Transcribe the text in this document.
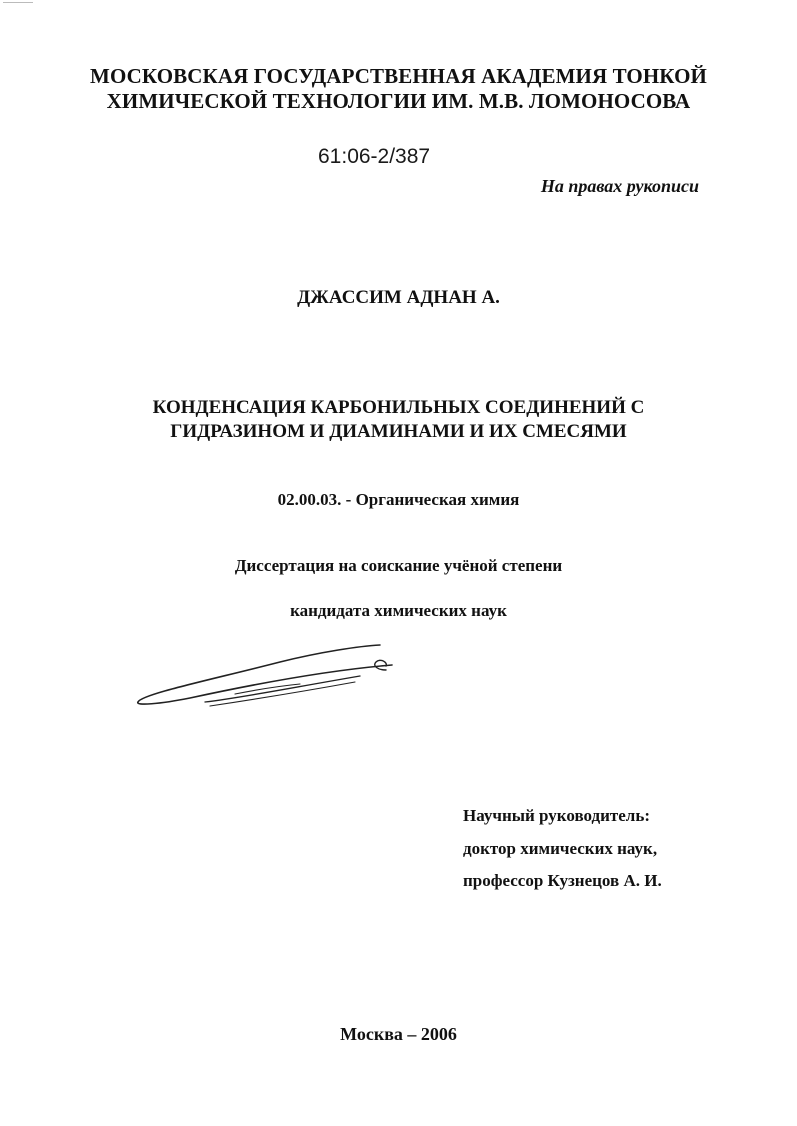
МОСКОВСКАЯ ГОСУДАРСТВЕННАЯ АКАДЕМИЯ ТОНКОЙ
ХИМИЧЕСКОЙ ТЕХНОЛОГИИ ИМ. М.В. ЛОМОНОСОВА
61:06-2/387
На правах рукописи
ДЖАССИМ АДНАН А.
КОНДЕНСАЦИЯ КАРБОНИЛЬНЫХ СОЕДИНЕНИЙ С
ГИДРАЗИНОМ И ДИАМИНАМИ И ИХ СМЕСЯМИ
02.00.03. - Органическая химия
Диссертация на соискание учёной степени
кандидата химических наук
Научный руководитель:
доктор химических наук,
профессор Кузнецов А. И.
Москва – 2006
